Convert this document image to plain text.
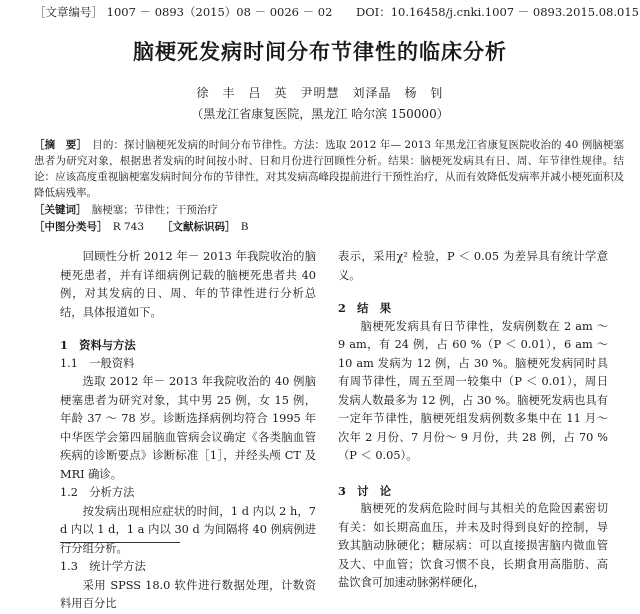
［文章编号］ 1007 － 0893（2015）08 － 0026 － 02 DOI：10.16458/j.cnki.1007 － 0893.2015.08.015
脑梗死发病时间分布节律性的临床分析
徐　丰　吕　英　尹明慧　刘泽晶　杨　钊
（黑龙江省康复医院，黑龙江 哈尔滨 150000）
［摘　要］　目的：探讨脑梗死发病的时间分布节律性。方法：选取 2012 年— 2013 年黑龙江省康复医院收治的 40 例脑梗塞患者为研究对象，根据患者发病的时间按小时、日和月份进行回顾性分析。结果：脑梗死发病具有日、周、年节律性规律。结论：应该高度重视脑梗塞发病时间分布的节律性，对其发病高峰段提前进行干预性治疗，从而有效降低发病率并减小梗死面积及降低病残率。
［关键词］　脑梗塞；节律性；干预治疗
［中图分类号］　R 743 ［文献标识码］　B

回顾性分析 2012 年－ 2013 年我院收治的脑梗死患者，并有详细病例记载的脑梗死患者共 40 例，对其发病的日、周、年的节律性进行分析总结，具体报道如下。

1　资料与方法

1.1　一般资料

选取 2012 年－ 2013 年我院收治的 40 例脑梗塞患者为研究对象，其中男 25 例，女 15 例，年龄 37 ～ 78 岁。诊断选择病例均符合 1995 年中华医学会第四届脑血管病会议确定《各类脑血管疾病的诊断要点》诊断标准［1］，并经头颅 CT 及 MRI 确诊。

1.2　分析方法

按发病出现相应症状的时间，1 d 内以 2 h，7 d 内以 1 d，1 a 内以 30 d 为间隔将 40 例病例进行分组分析。

1.3　统计学方法

采用 SPSS 18.0 软件进行数据处理，计数资料用百分比

表示，采用χ² 检验，P ＜ 0.05 为差异具有统计学意义。

2　结　果

脑梗死发病具有日节律性，发病例数在 2 am ～ 9 am，有 24 例，占 60 %（P ＜ 0.01），6 am ～ 10 am 发病为 12 例，占 30 %。脑梗死发病同时具有周节律性，周五至周一较集中（P ＜ 0.01），周日发病人数最多为 12 例，占 30 %。脑梗死发病也具有一定年节律性，脑梗死组发病例数多集中在 11 月～次年 2 月份、7 月份～ 9 月份，共 28 例，占 70 %（P ＜ 0.05）。

3　讨　论

脑梗死的发病危险时间与其相关的危险因素密切有关：如长期高血压，并未及时得到良好的控制，导致其脑动脉硬化；糖尿病：可以直接损害脑内微血管及大、中血管；饮食习惯不良，长期食用高脂肪、高盐饮食可加速动脉粥样硬化，
